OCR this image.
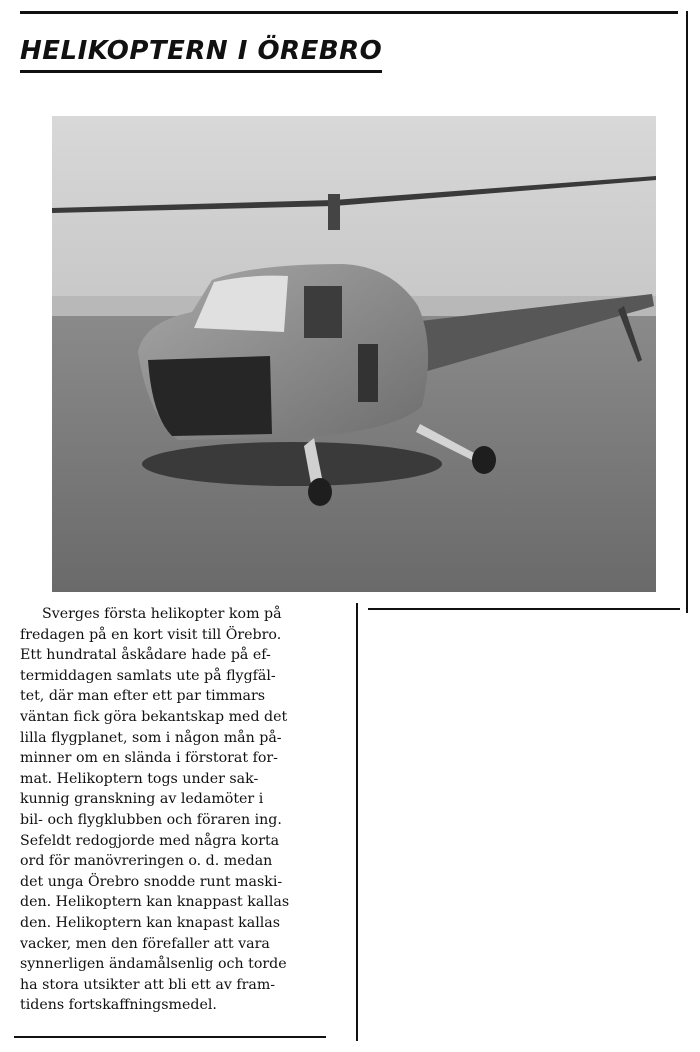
HELIKOPTERN I ÖREBRO

Sverges första helikopter kom på
fredagen på en kort visit till Örebro.
Ett hundratal åskådare hade på ef-
termiddagen samlats ute på flygfäl-
tet, där man efter ett par timmars
väntan fick göra bekantskap med det
lilla flygplanet, som i någon mån på-
minner om en slända i förstorat for-
mat. Helikoptern togs under sak-
kunnig granskning av ledamöter i
bil- och flygklubben och föraren ing.
Sefeldt redogjorde med några korta
ord för manövreringen o. d. medan
det unga Örebro snodde runt maski-
den. Helikoptern kan knappast kallas
den. Helikoptern kan knapast kallas
vacker, men den förefaller att vara
synnerligen ändamålsenlig och torde
ha stora utsikter att bli ett av fram-
tidens fortskaffningsmedel.
